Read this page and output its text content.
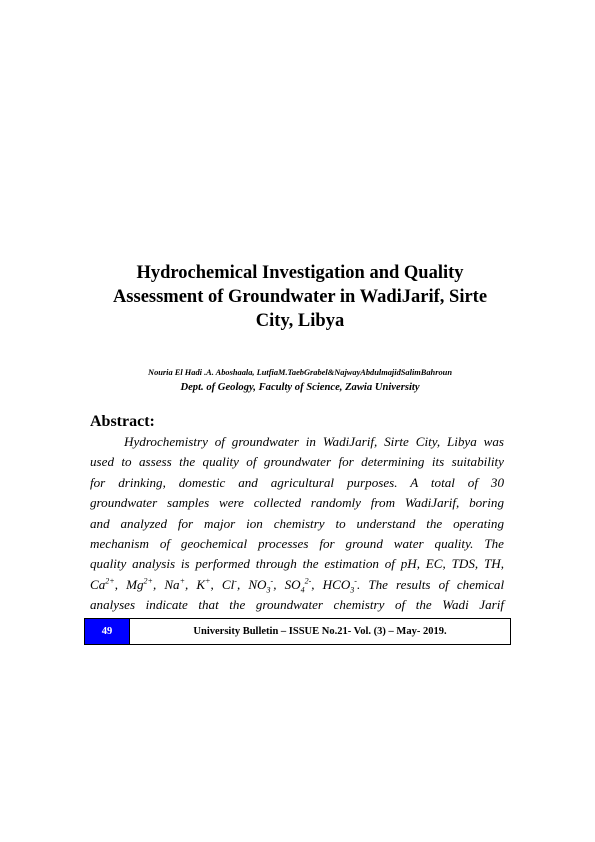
Hydrochemical Investigation and Quality
Assessment of Groundwater in WadiJarif, Sirte
City, Libya
Nouria El Hadi .A. Aboshaala, LutfiaM.TaebGrabel&NajwayAbdulmajidSalimBahroun
Dept. of Geology, Faculty of Science, Zawia University
Abstract:
Hydrochemistry of groundwater in WadiJarif, Sirte City, Libya was
used to assess the quality of groundwater for determining its suitability
for drinking, domestic and agricultural purposes. A total of 30
groundwater samples were collected randomly from WadiJarif, boring
and analyzed for major ion chemistry to understand the operating
mechanism of geochemical processes for ground water quality. The
quality analysis is performed through the estimation of pH, EC, TDS, TH,
$Ca^{2+}$, $Mg^{2+}$, Na+, K+, Cl-, $NO_3^-$, $SO_4^{2-}$, $HCO_3^-$. The results of chemical
analyses indicate that the groundwater chemistry of the Wadi Jarif
49	University Bulletin – ISSUE No.21- Vol. (3) – May- 2019.
